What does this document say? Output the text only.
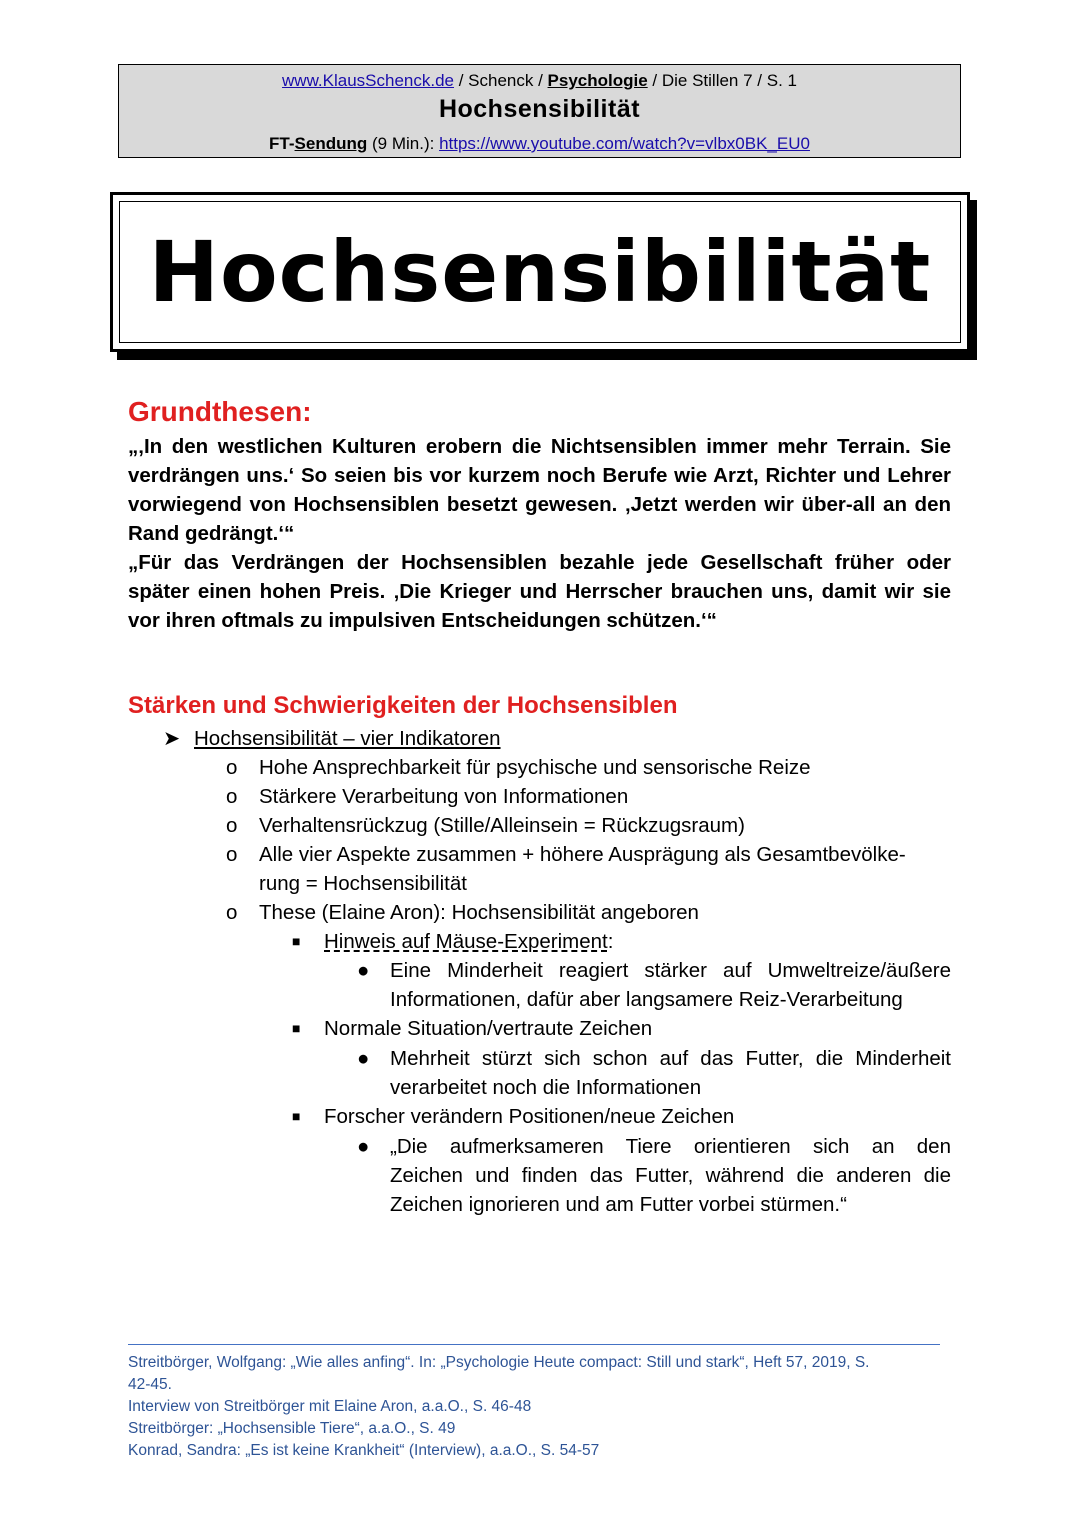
www.KlausSchenck.de / Schenck / Psychologie / Die Stillen 7 / S. 1
Hochsensibilität
FT-Sendung (9 Min.): https://www.youtube.com/watch?v=vlbx0BK_EU0
Hochsensibilität
Grundthesen:

„‚In den westlichen Kulturen erobern die Nichtsensiblen immer mehr Terrain. Sie verdrängen uns.‘ So seien bis vor kurzem noch Berufe wie Arzt, Richter und Lehrer vorwiegend von Hochsensiblen besetzt gewesen. ‚Jetzt werden wir über-all an den Rand gedrängt.‘“

„Für das Verdrängen der Hochsensiblen bezahle jede Gesellschaft früher oder später einen hohen Preis. ‚Die Krieger und Herrscher brauchen uns, damit wir sie vor ihren oftmals zu impulsiven Entscheidungen schützen.‘“

Stärken und Schwierigkeiten der Hochsensiblen
➤ Hochsensibilität – vier Indikatoren
o Hohe Ansprechbarkeit für psychische und sensorische Reize
o Stärkere Verarbeitung von Informationen
o Verhaltensrückzug (Stille/Alleinsein = Rückzugsraum)
o Alle vier Aspekte zusammen + höhere Ausprägung als Gesamtbevölke-
rung = Hochsensibilität
o These (Elaine Aron): Hochsensibilität angeboren
■ Hinweis auf Mäuse-Experiment:
● Eine Minderheit reagiert stärker auf Umweltreize/äußere
Informationen, dafür aber langsamere Reiz-Verarbeitung
■ Normale Situation/vertraute Zeichen
● Mehrheit stürzt sich schon auf das Futter, die Minderheit
verarbeitet noch die Informationen
■ Forscher verändern Positionen/neue Zeichen
● „Die aufmerksameren Tiere orientieren sich an den
Zeichen und finden das Futter, während die anderen die
Zeichen ignorieren und am Futter vorbei stürmen.“
Streitbörger, Wolfgang: „Wie alles anfing“. In: „Psychologie Heute compact: Still und stark“, Heft 57, 2019, S.
42-45.
Interview von Streitbörger mit Elaine Aron, a.a.O., S. 46-48
Streitbörger: „Hochsensible Tiere“, a.a.O., S. 49
Konrad, Sandra: „Es ist keine Krankheit“ (Interview), a.a.O., S. 54-57
